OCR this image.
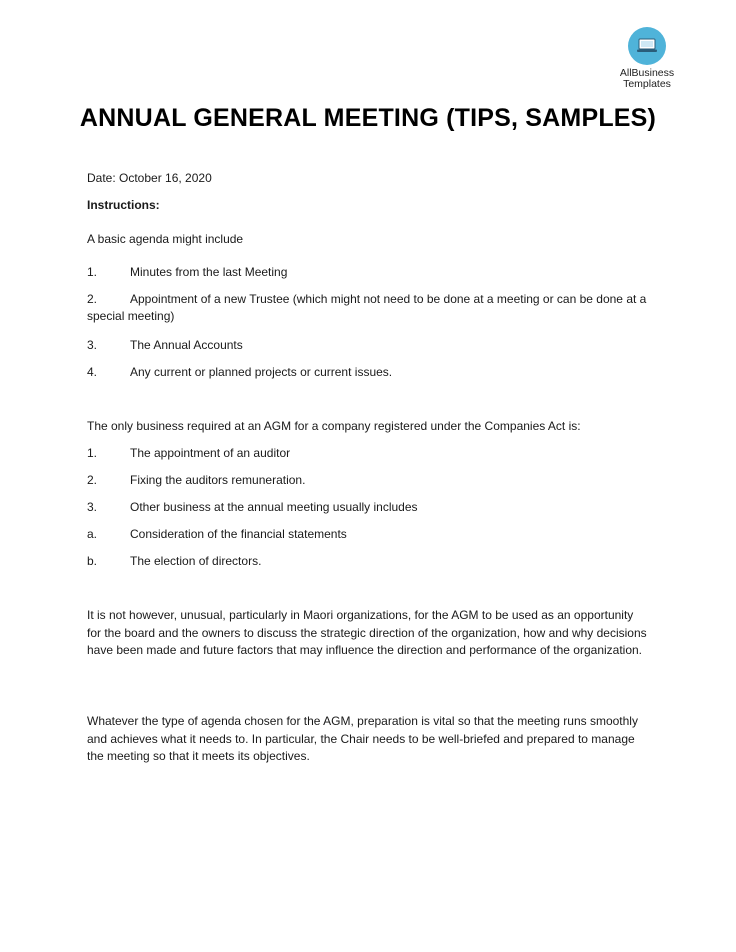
AllBusiness
Templates
ANNUAL GENERAL MEETING (TIPS, SAMPLES)
Date: October 16, 2020
Instructions:
A basic agenda might include
1.	Minutes from the last Meeting
2.	Appointment of a new Trustee (which might not need to be done at a meeting or can be done at a special meeting)
3.	The Annual Accounts
4.	Any current or planned projects or current issues.
The only business required at an AGM for a company registered under the Companies Act is:
1.	The appointment of an auditor
2.	Fixing the auditors remuneration.
3.	Other business at the annual meeting usually includes
a.	Consideration of the financial statements
b.	The election of directors.
It is not however, unusual, particularly in Maori organizations, for the AGM to be used as an opportunity for the board and the owners to discuss the strategic direction of the organization, how and why decisions have been made and future factors that may influence the direction and performance of the organization.
Whatever the type of agenda chosen for the AGM, preparation is vital so that the meeting runs smoothly and achieves what it needs to. In particular, the Chair needs to be well-briefed and prepared to manage the meeting so that it meets its objectives.
